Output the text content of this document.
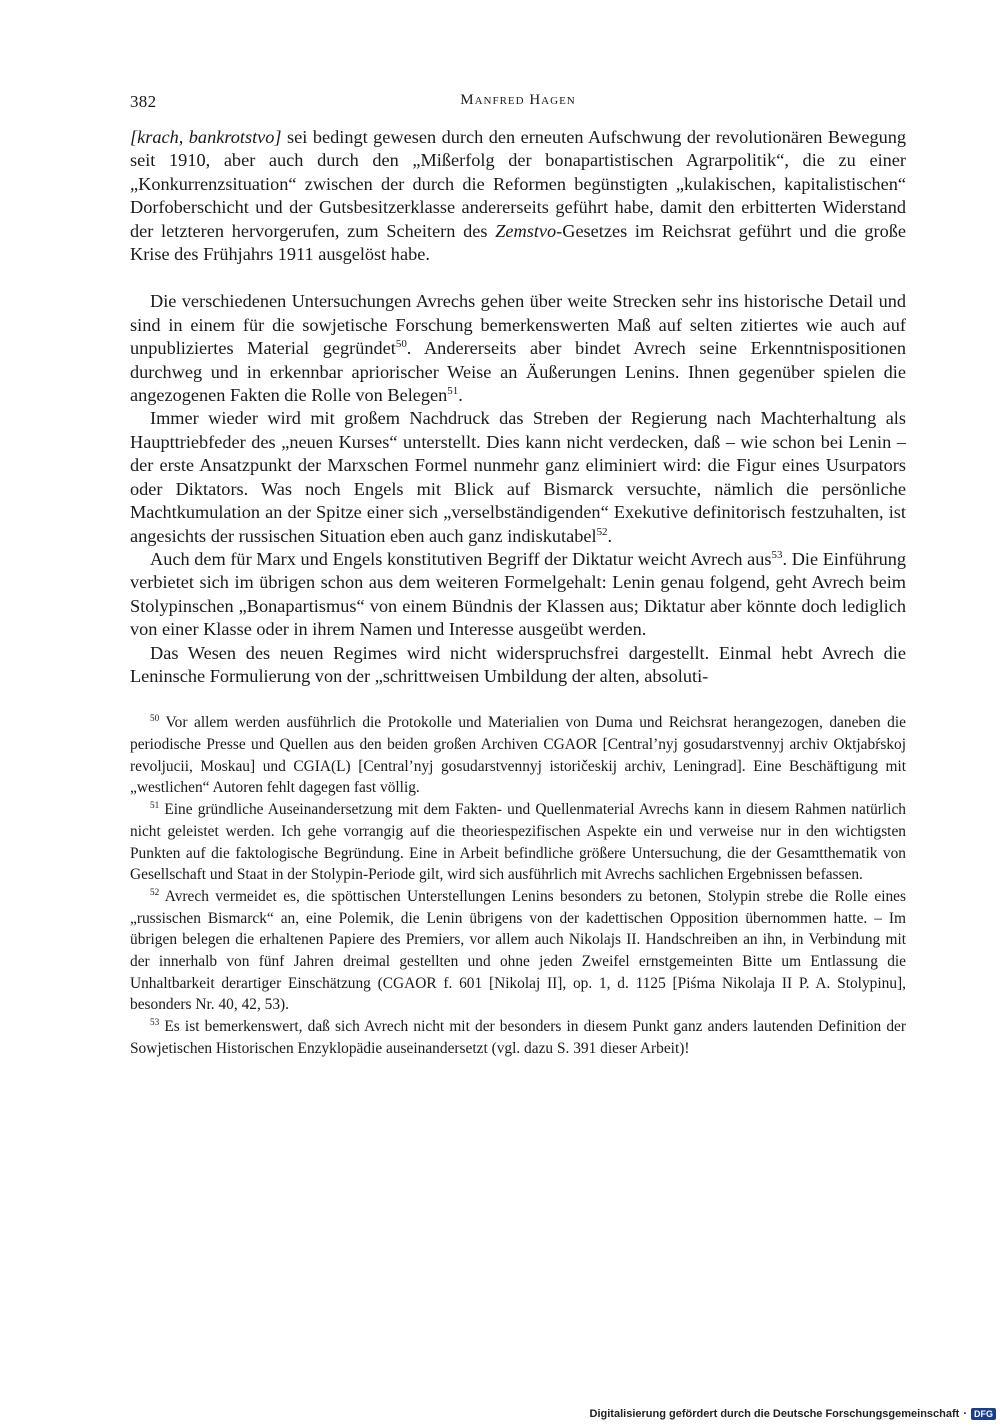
382	Manfred Hagen

[krach, bankrotstvo] sei bedingt gewesen durch den erneuten Aufschwung der revolutionären Bewegung seit 1910, aber auch durch den „Mißerfolg der bonapartistischen Agrarpolitik“, die zu einer „Konkurrenzsituation“ zwischen der durch die Reformen begünstigten „kulakischen, kapitalistischen“ Dorfoberschicht und der Gutsbesitzerklasse andererseits geführt habe, damit den erbitterten Widerstand der letzteren hervorgerufen, zum Scheitern des Zemstvo-Gesetzes im Reichsrat geführt und die große Krise des Frühjahrs 1911 ausgelöst habe.

Die verschiedenen Untersuchungen Avrechs gehen über weite Strecken sehr ins historische Detail und sind in einem für die sowjetische Forschung bemerkenswerten Maß auf selten zitiertes wie auch auf unpubliziertes Material gegründet$^{50}$. Andererseits aber bindet Avrech seine Erkenntnispositionen durchweg und in erkennbar apriorischer Weise an Äußerungen Lenins. Ihnen gegenüber spielen die angezogenen Fakten die Rolle von Belegen$^{51}$.

Immer wieder wird mit großem Nachdruck das Streben der Regierung nach Machterhaltung als Haupttriebfeder des „neuen Kurses“ unterstellt. Dies kann nicht verdecken, daß – wie schon bei Lenin – der erste Ansatzpunkt der Marxschen Formel nunmehr ganz eliminiert wird: die Figur eines Usurpators oder Diktators. Was noch Engels mit Blick auf Bismarck versuchte, nämlich die persönliche Machtkumulation an der Spitze einer sich „verselbständigenden“ Exekutive definitorisch festzuhalten, ist angesichts der russischen Situation eben auch ganz indiskutabel$^{52}$.

Auch dem für Marx und Engels konstitutiven Begriff der Diktatur weicht Avrech aus$^{53}$. Die Einführung verbietet sich im übrigen schon aus dem weiteren Formelgehalt: Lenin genau folgend, geht Avrech beim Stolypinschen „Bonapartismus“ von einem Bündnis der Klassen aus; Diktatur aber könnte doch lediglich von einer Klasse oder in ihrem Namen und Interesse ausgeübt werden.

Das Wesen des neuen Regimes wird nicht widerspruchsfrei dargestellt. Einmal hebt Avrech die Leninsche Formulierung von der „schrittweisen Umbildung der alten, absoluti-

$^{50}$ Vor allem werden ausführlich die Protokolle und Materialien von Duma und Reichsrat herangezogen, daneben die periodische Presse und Quellen aus den beiden großen Archiven CGAOR [Central’nyj gosudarstvennyj archiv Oktjabŕskoj revoljucii, Moskau] und CGIA(L) [Central’nyj gosudarstvennyj istoričeskij archiv, Leningrad]. Eine Beschäftigung mit „westlichen“ Autoren fehlt dagegen fast völlig.

$^{51}$ Eine gründliche Auseinandersetzung mit dem Fakten- und Quellenmaterial Avrechs kann in diesem Rahmen natürlich nicht geleistet werden. Ich gehe vorrangig auf die theoriespezifischen Aspekte ein und verweise nur in den wichtigsten Punkten auf die faktologische Begründung. Eine in Arbeit befindliche größere Untersuchung, die der Gesamtthematik von Gesellschaft und Staat in der Stolypin-Periode gilt, wird sich ausführlich mit Avrechs sachlichen Ergebnissen befassen.

$^{52}$ Avrech vermeidet es, die spöttischen Unterstellungen Lenins besonders zu betonen, Stolypin strebe die Rolle eines „russischen Bismarck“ an, eine Polemik, die Lenin übrigens von der kadettischen Opposition übernommen hatte. – Im übrigen belegen die erhaltenen Papiere des Premiers, vor allem auch Nikolajs II. Handschreiben an ihn, in Verbindung mit der innerhalb von fünf Jahren dreimal gestellten und ohne jeden Zweifel ernstgemeinten Bitte um Entlassung die Unhaltbarkeit derartiger Einschätzung (CGAOR f. 601 [Nikolaj II], op. 1, d. 1125 [Piśma Nikolaja II P. A. Stolypinu], besonders Nr. 40, 42, 53).

$^{53}$ Es ist bemerkenswert, daß sich Avrech nicht mit der besonders in diesem Punkt ganz anders lautenden Definition der Sowjetischen Historischen Enzyklopädie auseinandersetzt (vgl. dazu S. 391 dieser Arbeit)!

Digitalisierung gefördert durch die Deutsche Forschungsgemeinschaft · DFG
